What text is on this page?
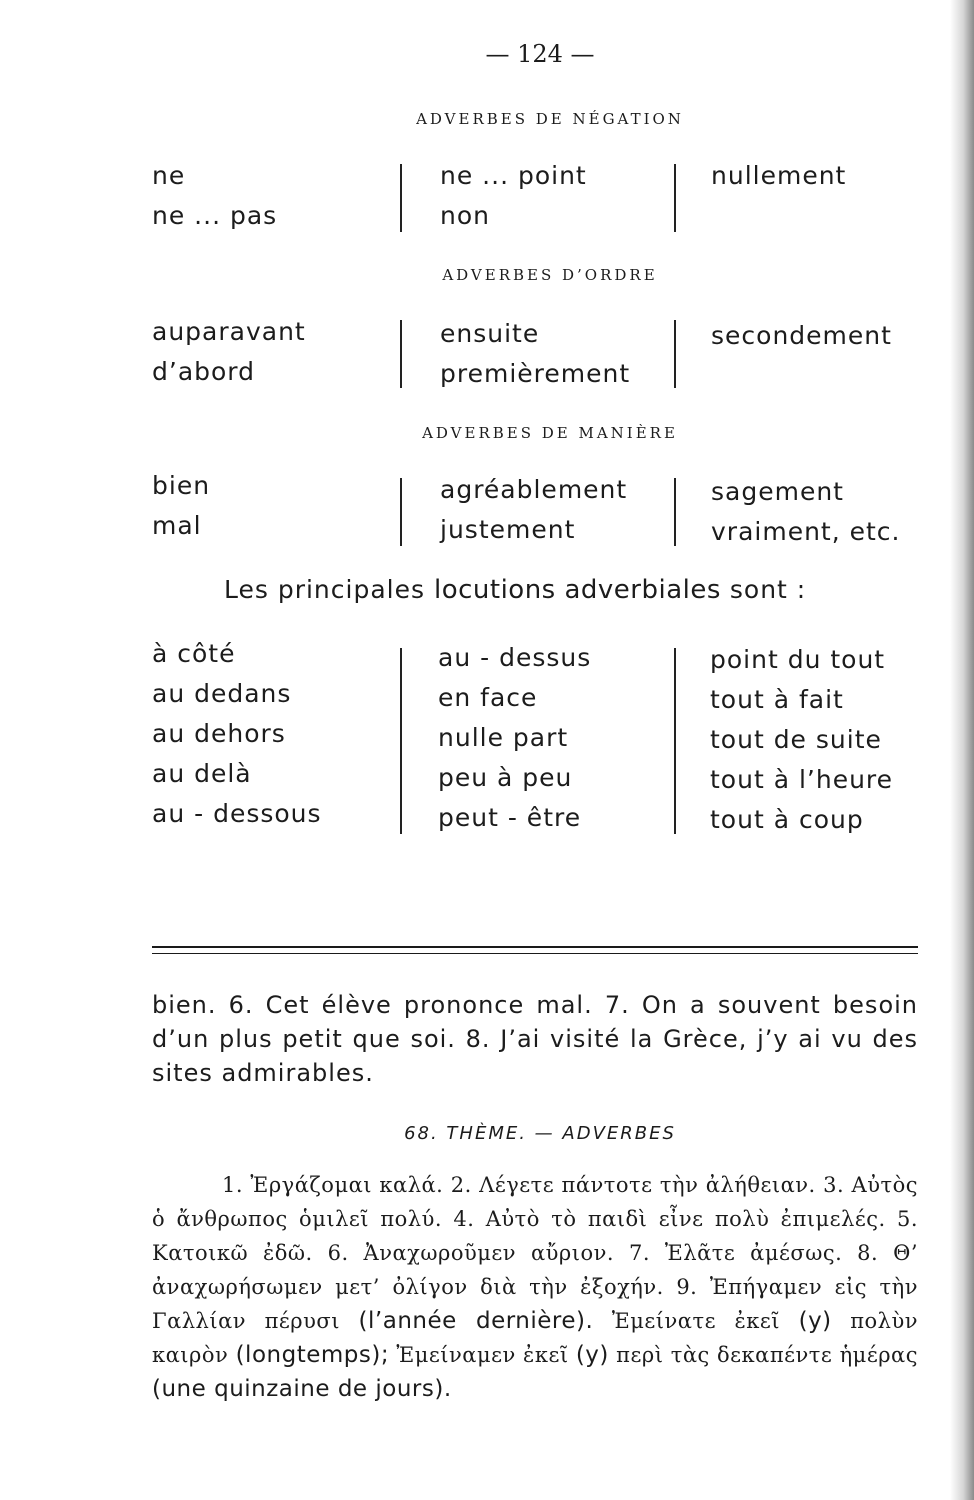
— 124 —
ADVERBES DE NÉGATION
ne
ne ... pas
ne ... point
non
nullement
ADVERBES D’ORDRE
auparavant
d’abord
ensuite
premièrement
secondement
ADVERBES DE MANIÈRE
bien
mal
agréablement
justement
sagement
vraiment, etc.
Les principales locutions adverbiales sont :
à côté
au dedans
au dehors
au delà
au - dessous
au - dessus
en face
nulle part
peu à peu
peut - être
point du tout
tout à fait
tout de suite
tout à l’heure
tout à coup
bien. 6. Cet élève prononce mal. 7. On a souvent besoin d’un plus petit que soi. 8. J’ai visité la Grèce, j’y ai vu des sites admirables.
68. THÈME. — ADVERBES
1. Ἐργάζομαι καλά. 2. Λέγετε πάντοτε τὴν ἀλήθειαν. 3. Αὐτὸς ὁ ἄνθρωπος ὁμιλεῖ πολύ. 4. Αὐτὸ τὸ παιδὶ εἶνε πολὺ ἐπιμελές. 5. Κατοικῶ ἐδῶ. 6. Ἀναχωροῦμεν αὔριον. 7. Ἐλᾶτε ἀμέσως. 8. Θ’ ἀναχωρήσωμεν μετ’ ὀλίγον διὰ τὴν ἐξοχήν. 9. Ἐπήγαμεν εἰς τὴν Γαλλίαν πέρυσι (l’année dernière). Ἐμείνατε ἐκεῖ (y) πολὺν καιρὸν (longtemps); Ἐμείναμεν ἐκεῖ (y) περὶ τὰς δεκαπέντε ἡμέρας (une quinzaine de jours).
